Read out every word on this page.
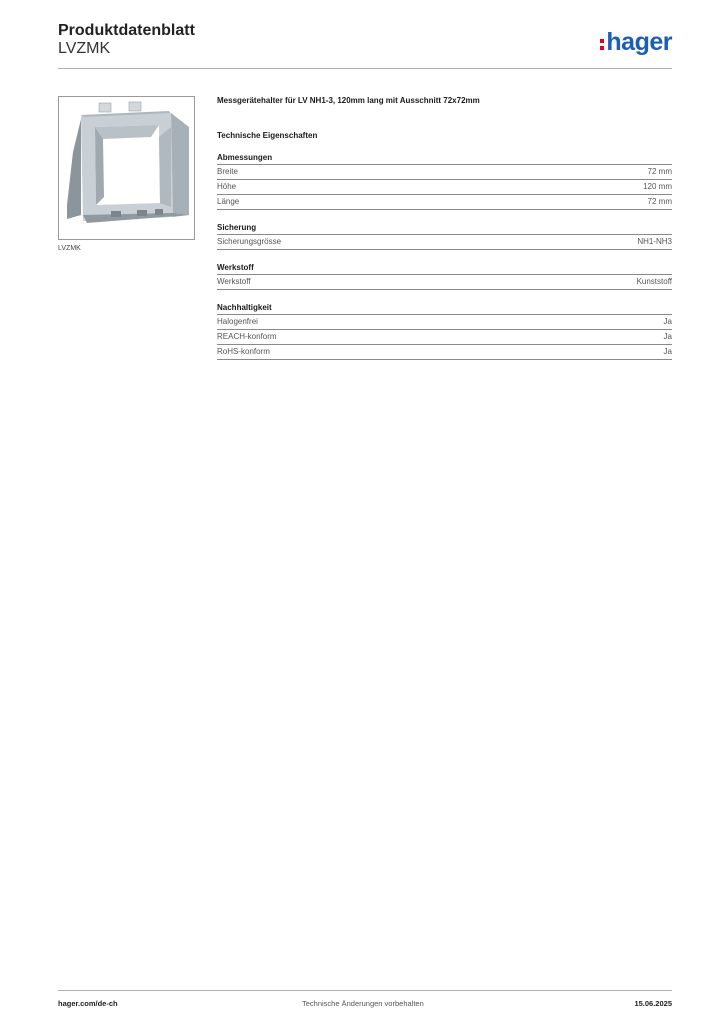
Produktdatenblatt
LVZMK	hager
LVZMK

Messgerätehalter für LV NH1-3, 120mm lang mit Ausschnitt 72x72mm

Technische Eigenschaften

Abmessungen
Breite	72 mm
Höhe	120 mm
Länge	72 mm
Sicherung
Sicherungsgrösse	NH1-NH3
Werkstoff
Werkstoff	Kunststoff
Nachhaltigkeit
Halogenfrei	Ja
REACH-konform	Ja
RoHS-konform	Ja
hager.com/de-ch	Technische Änderungen vorbehalten	15.06.2025
